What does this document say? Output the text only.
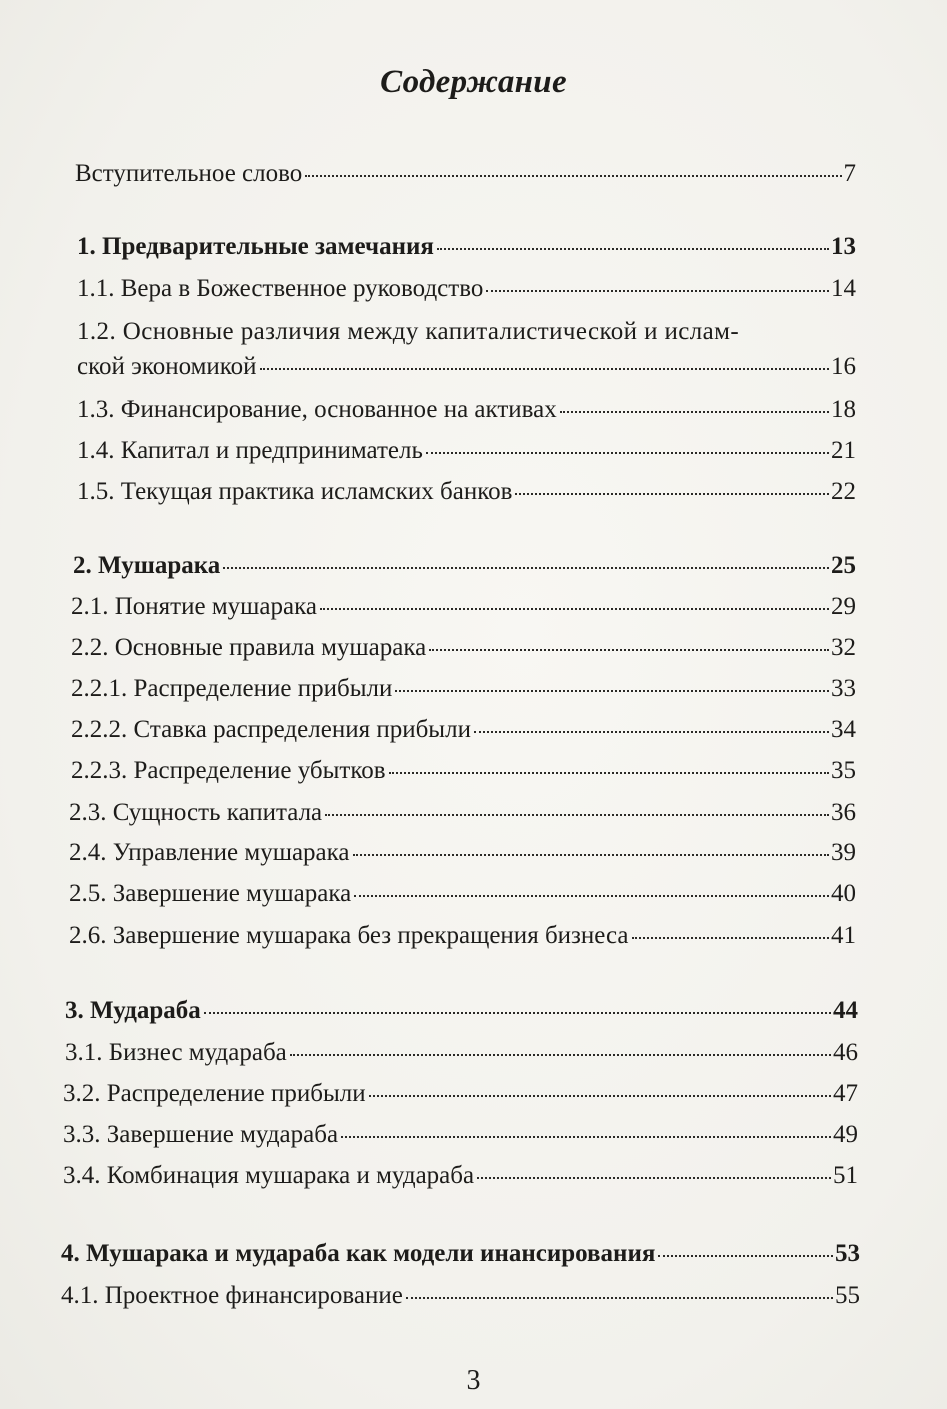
Содержание
Вступительное слово	7
1. Предварительные замечания	13
1.1. Вера в Божественное руководство	14
1.2. Основные различия между капиталистической и ислам-
ской экономикой	16
1.3. Финансирование, основанное на активах	18
1.4. Капитал и предприниматель	21
1.5. Текущая практика исламских банков	22
2. Мушарака	25
2.1. Понятие мушарака	29
2.2. Основные правила мушарака	32
2.2.1. Распределение прибыли	33
2.2.2. Ставка распределения прибыли	34
2.2.3. Распределение убытков	35
2.3. Сущность капитала	36
2.4. Управление мушарака	39
2.5. Завершение мушарака	40
2.6. Завершение мушарака без прекращения бизнеса	41
3. Мудараба	44
3.1. Бизнес мудараба	46
3.2. Распределение прибыли	47
3.3. Завершение мудараба	49
3.4. Комбинация мушарака и мудараба	51
4. Мушарака и мудараба как модели инансирования	53
4.1. Проектное финансирование	55
3
